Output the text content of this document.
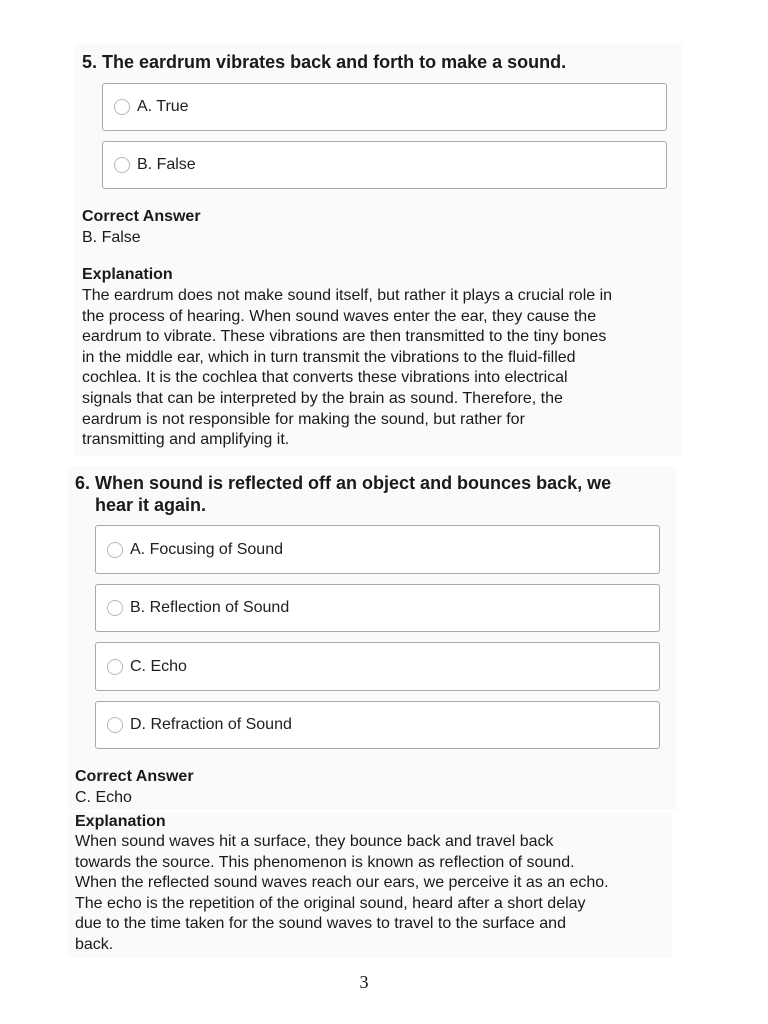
5. The eardrum vibrates back and forth to make a sound.
A. True
B. False
Correct Answer
B. False
Explanation
The eardrum does not make sound itself, but rather it plays a crucial role in
the process of hearing. When sound waves enter the ear, they cause the
eardrum to vibrate. These vibrations are then transmitted to the tiny bones
in the middle ear, which in turn transmit the vibrations to the fluid-filled
cochlea. It is the cochlea that converts these vibrations into electrical
signals that can be interpreted by the brain as sound. Therefore, the
eardrum is not responsible for making the sound, but rather for
transmitting and amplifying it.
6. When sound is reflected off an object and bounces back, we
hear it again.
A. Focusing of Sound
B. Reflection of Sound
C. Echo
D. Refraction of Sound
Correct Answer
C. Echo
Explanation
When sound waves hit a surface, they bounce back and travel back
towards the source. This phenomenon is known as reflection of sound.
When the reflected sound waves reach our ears, we perceive it as an echo.
The echo is the repetition of the original sound, heard after a short delay
due to the time taken for the sound waves to travel to the surface and
back.
3
